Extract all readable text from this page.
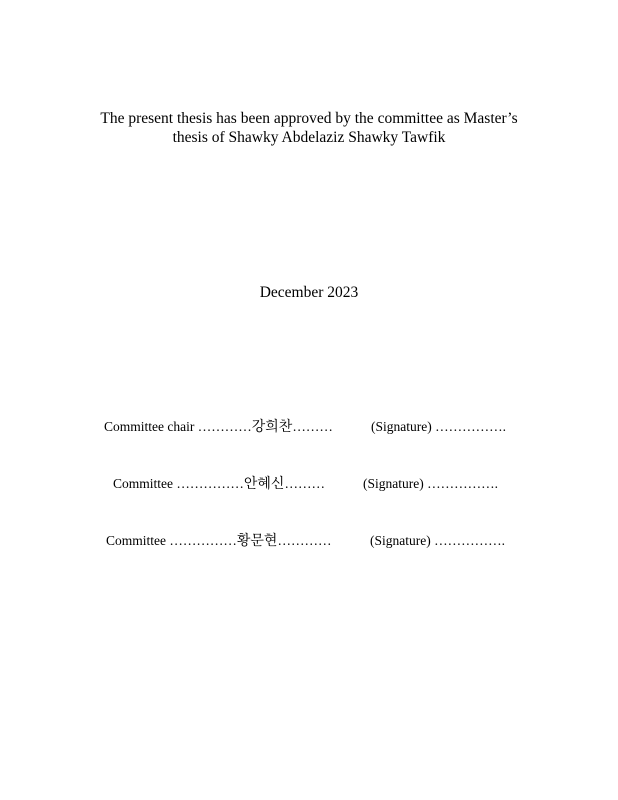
The present thesis has been approved by the committee as Master’s
thesis of Shawky Abdelaziz Shawky Tawfik
December 2023
Committee chair …………강희찬………	(Signature) …………….
Committee ……………안혜신………	(Signature) …………….
Committee ……………황문현…………	(Signature) …………….
